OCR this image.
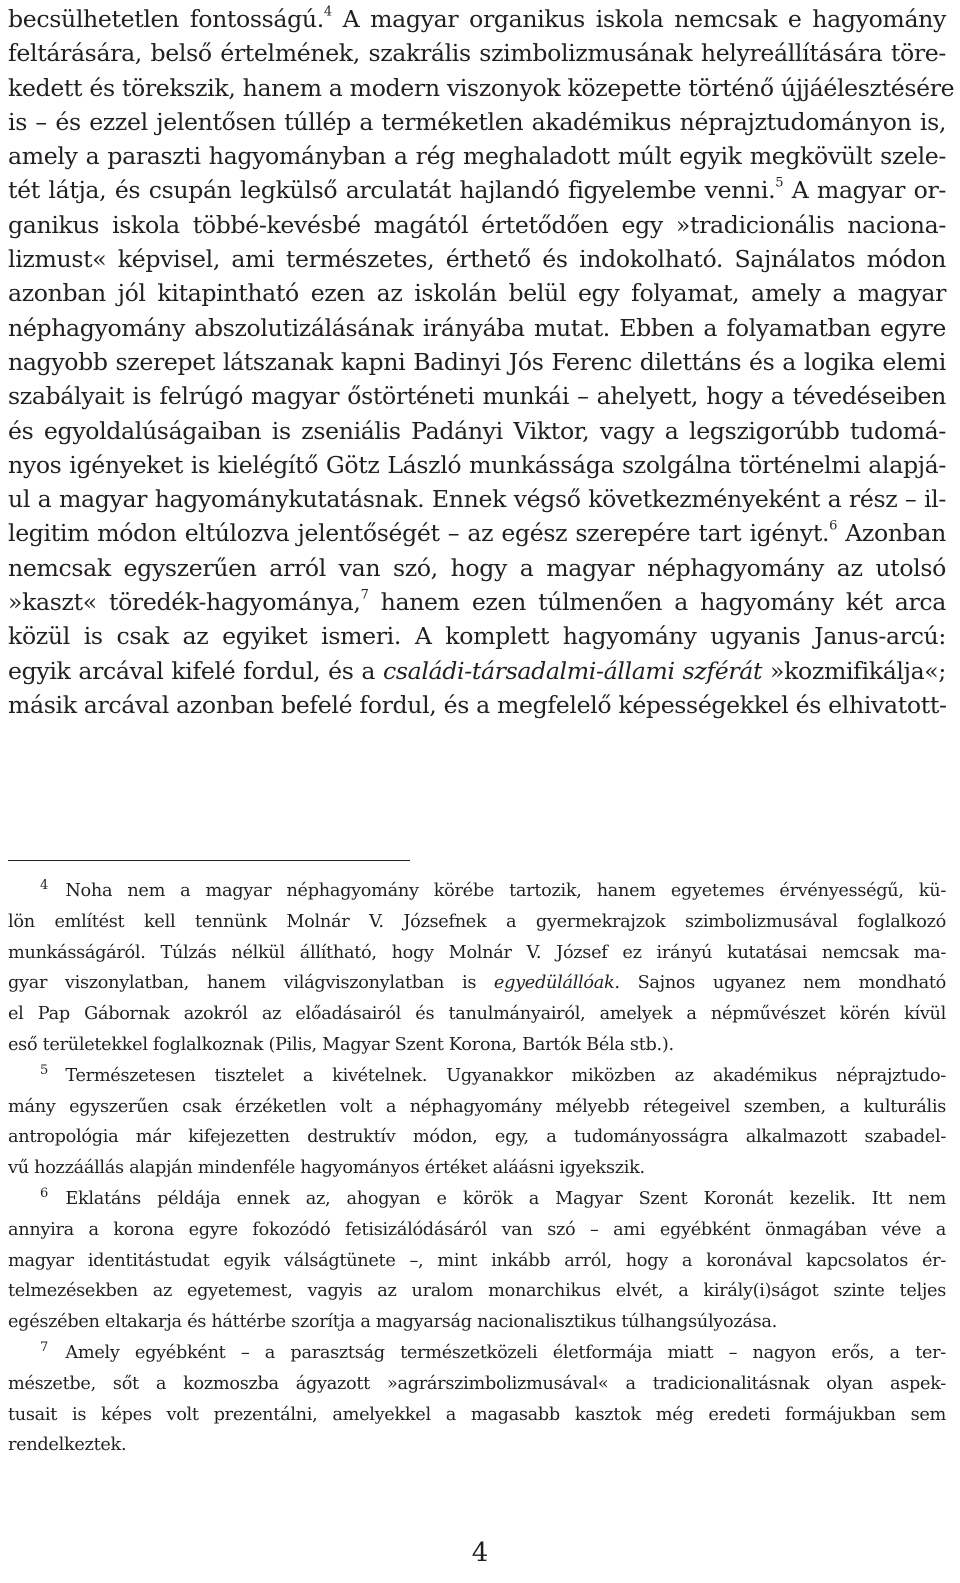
becsülhetetlen fontosságú.$^4$ A magyar organikus iskola nemcsak e hagyomány
feltárására, belső értelmének, szakrális szimbolizmusának helyreállítására töre-
kedett és törekszik, hanem a modern viszonyok közepette történő újjáélesztésére
is – és ezzel jelentősen túllép a terméketlen akadémikus néprajztudományon is,
amely a paraszti hagyományban a rég meghaladott múlt egyik megkövült szele-
tét látja, és csupán legkülső arculatát hajlandó figyelembe venni.$^5$ A magyar or-
ganikus iskola többé-kevésbé magától értetődően egy »tradicionális naciona-
lizmust« képvisel, ami természetes, érthető és indokolható. Sajnálatos módon
azonban jól kitapintható ezen az iskolán belül egy folyamat, amely a magyar
néphagyomány abszolutizálásának irányába mutat. Ebben a folyamatban egyre
nagyobb szerepet látszanak kapni Badinyi Jós Ferenc dilettáns és a logika elemi
szabályait is felrúgó magyar őstörténeti munkái – ahelyett, hogy a tévedéseiben
és egyoldalúságaiban is zseniális Padányi Viktor, vagy a legszigorúbb tudomá-
nyos igényeket is kielégítő Götz László munkássága szolgálna történelmi alapjá-
ul a magyar hagyománykutatásnak. Ennek végső következményeként a rész – il-
legitim módon eltúlozva jelentőségét – az egész szerepére tart igényt.$^6$ Azonban
nemcsak egyszerűen arról van szó, hogy a magyar néphagyomány az utolsó
»kaszt« töredék-hagyománya,$^7$ hanem ezen túlmenően a hagyomány két arca
közül is csak az egyiket ismeri. A komplett hagyomány ugyanis Janus-arcú:
egyik arcával kifelé fordul, és a családi-társadalmi-állami szférát »kozmifikálja«;
másik arcával azonban befelé fordul, és a megfelelő képességekkel és elhivatott-
$^4$  Noha nem a magyar néphagyomány körébe tartozik, hanem egyetemes érvényességű, kü-
lön említést kell tennünk Molnár V. Józsefnek a gyermekrajzok szimbolizmusával foglalkozó
munkásságáról. Túlzás nélkül állítható, hogy Molnár V. József ez irányú kutatásai nemcsak ma-
gyar viszonylatban, hanem világviszonylatban is egyedülállóak. Sajnos ugyanez nem mondható
el Pap Gábornak azokról az előadásairól és tanulmányairól, amelyek a népművészet körén kívül
eső területekkel foglalkoznak (Pilis, Magyar Szent Korona, Bartók Béla stb.).
$^5$  Természetesen tisztelet a kivételnek. Ugyanakkor miközben az akadémikus néprajztudo-
mány egyszerűen csak érzéketlen volt a néphagyomány mélyebb rétegeivel szemben, a kulturális
antropológia már kifejezetten destruktív módon, egy, a tudományosságra alkalmazott szabadel-
vű hozzáállás alapján mindenféle hagyományos értéket aláásni igyekszik.
$^6$  Eklatáns példája ennek az, ahogyan e körök a Magyar Szent Koronát kezelik. Itt nem
annyira a korona egyre fokozódó fetisizálódásáról van szó – ami egyébként önmagában véve a
magyar identitástudat egyik válságtünete –, mint inkább arról, hogy a koronával kapcsolatos ér-
telmezésekben az egyetemest, vagyis az uralom monarchikus elvét, a király(i)ságot szinte teljes
egészében eltakarja és háttérbe szorítja a magyarság nacionalisztikus túlhangsúlyozása.
$^7$  Amely egyébként – a parasztság természetközeli életformája miatt – nagyon erős, a ter-
mészetbe, sőt a kozmoszba ágyazott »agrárszimbolizmusával« a tradicionalitásnak olyan aspek-
tusait is képes volt prezentálni, amelyekkel a magasabb kasztok még eredeti formájukban sem
rendelkeztek.
4
